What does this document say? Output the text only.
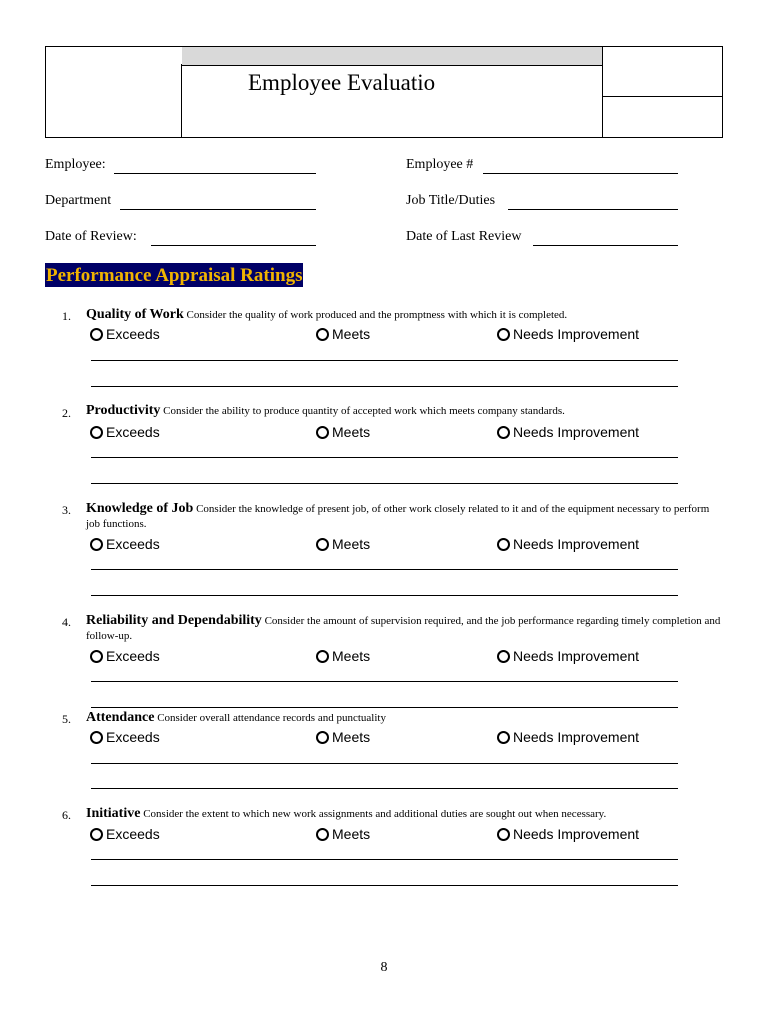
Employee Evaluatio
Employee:	Employee #
Department	Job Title/Duties
Date of Review:	Date of Last Review
Performance Appraisal Ratings
1. Quality of Work Consider the quality of work produced and the promptness with which it is completed.
Exceeds	Meets	Needs Improvement
2. Productivity Consider the ability to produce quantity of accepted work which meets company standards.
Exceeds	Meets	Needs Improvement
3. Knowledge of Job Consider the knowledge of present job, of other work closely related to it and of the equipment necessary to perform job functions.
Exceeds	Meets	Needs Improvement
4. Reliability and Dependability Consider the amount of supervision required, and the job performance regarding timely completion and follow-up.
Exceeds	Meets	Needs Improvement
5. Attendance Consider overall attendance records and punctuality
Exceeds	Meets	Needs Improvement
6. Initiative Consider the extent to which new work assignments and additional duties are sought out when necessary.
Exceeds	Meets	Needs Improvement
8
